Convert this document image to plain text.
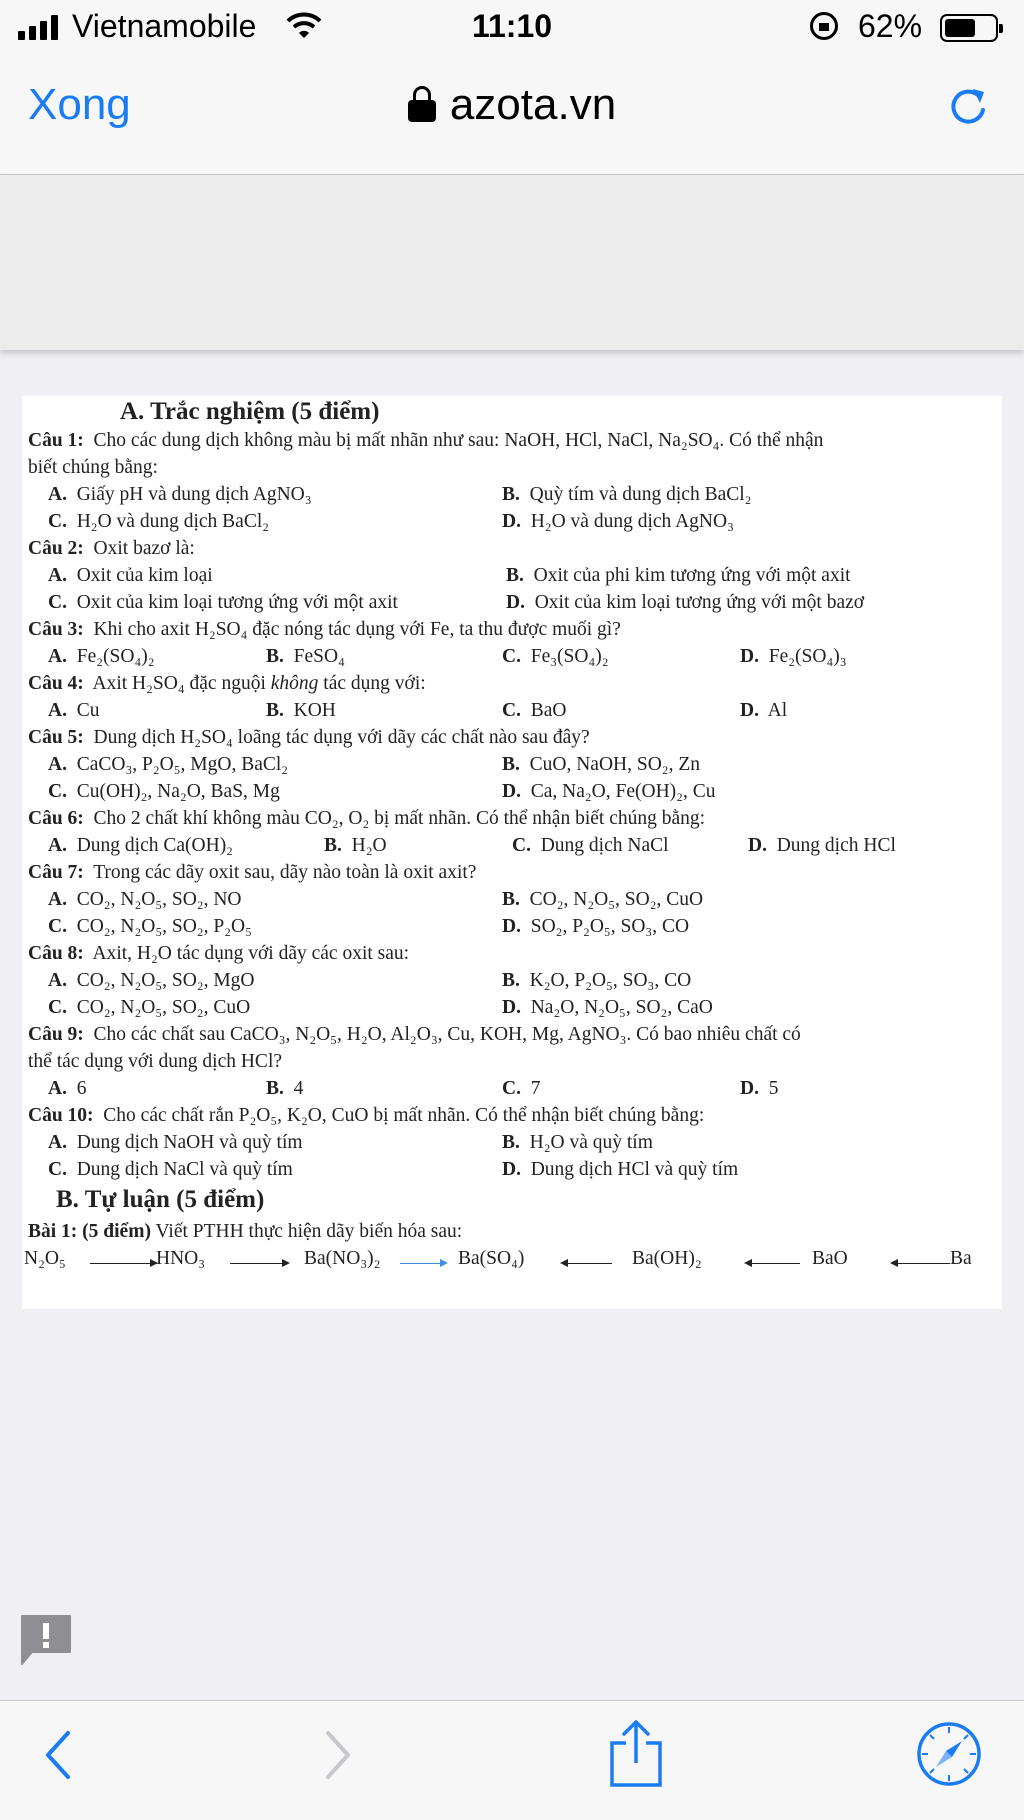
Vietnamobile	11:10	62%
Xong	azota.vn
A. Trắc nghiệm (5 điểm)
Câu 1: Cho các dung dịch không màu bị mất nhãn như sau: NaOH, HCl, NaCl, Na₂SO₄. Có thể nhận
biết chúng bằng:
A. Giấy pH và dung dịch AgNO₃	B. Quỳ tím và dung dịch BaCl₂
C. H₂O và dung dịch BaCl₂	D. H₂O và dung dịch AgNO₃
Câu 2: Oxit bazơ là:
A. Oxit của kim loại	B. Oxit của phi kim tương ứng với một axit
C. Oxit của kim loại tương ứng với một axit	D. Oxit của kim loại tương ứng với một bazơ
Câu 3: Khi cho axit H₂SO₄ đặc nóng tác dụng với Fe, ta thu được muối gì?
A. Fe₂(SO₄)₂	B. FeSO₄	C. Fe₃(SO₄)₂	D. Fe₂(SO₄)₃
Câu 4: Axit H₂SO₄ đặc nguội không tác dụng với:
A. Cu	B. KOH	C. BaO	D. Al
Câu 5: Dung dịch H₂SO₄ loãng tác dụng với dãy các chất nào sau đây?
A. CaCO₃, P₂O₅, MgO, BaCl₂	B. CuO, NaOH, SO₂, Zn
C. Cu(OH)₂, Na₂O, BaS, Mg	D. Ca, Na₂O, Fe(OH)₂, Cu
Câu 6: Cho 2 chất khí không màu CO₂, O₂ bị mất nhãn. Có thể nhận biết chúng bằng:
A. Dung dịch Ca(OH)₂	B. H₂O	C. Dung dịch NaCl	D. Dung dịch HCl
Câu 7: Trong các dãy oxit sau, dãy nào toàn là oxit axit?
A. CO₂, N₂O₅, SO₂, NO	B. CO₂, N₂O₅, SO₂, CuO
C. CO₂, N₂O₅, SO₂, P₂O₅	D. SO₂, P₂O₅, SO₃, CO
Câu 8: Axit, H₂O tác dụng với dãy các oxit sau:
A. CO₂, N₂O₅, SO₂, MgO	B. K₂O, P₂O₅, SO₃, CO
C. CO₂, N₂O₅, SO₂, CuO	D. Na₂O, N₂O₅, SO₂, CaO
Câu 9: Cho các chất sau CaCO₃, N₂O₅, H₂O, Al₂O₃, Cu, KOH, Mg, AgNO₃. Có bao nhiêu chất có
thể tác dụng với dung dịch HCl?
A. 6	B. 4	C. 7	D. 5
Câu 10: Cho các chất rắn P₂O₅, K₂O, CuO bị mất nhãn. Có thể nhận biết chúng bằng:
A. Dung dịch NaOH và quỳ tím	B. H₂O và quỳ tím
C. Dung dịch NaCl và quỳ tím	D. Dung dịch HCl và quỳ tím
B. Tự luận (5 điểm)
Bài 1: (5 điểm) Viết PTHH thực hiện dãy biến hóa sau:
N₂O₅	HNO₃	Ba(NO₃)₂	Ba(SO₄)	Ba(OH)₂	BaO	Ba
